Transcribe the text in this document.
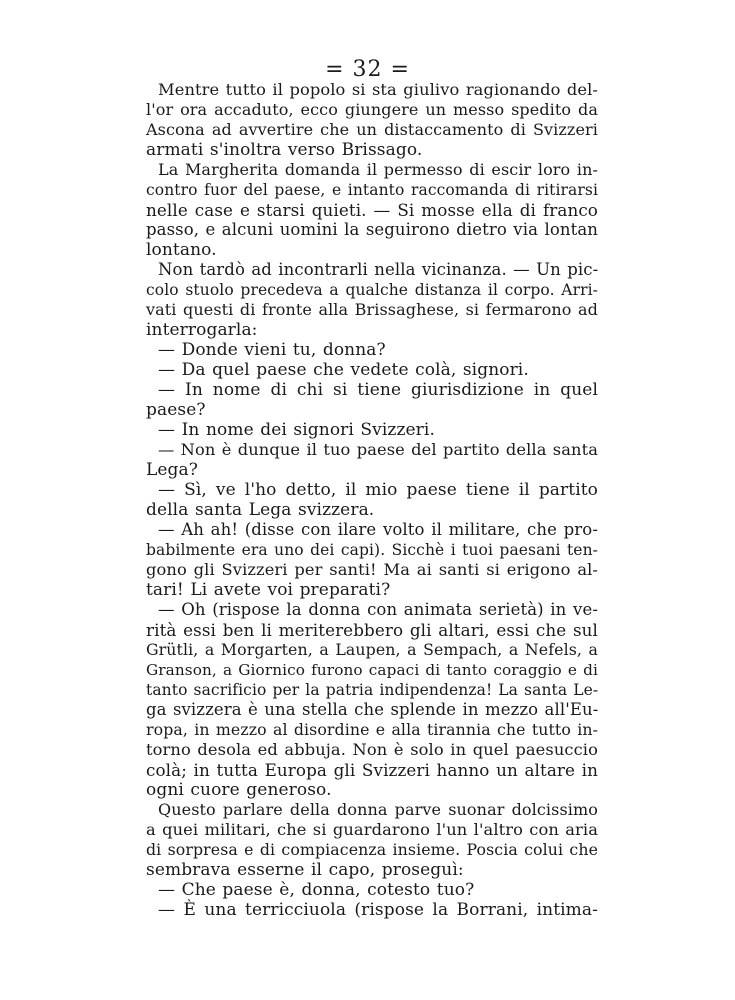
= 32 =
Mentre tutto il popolo si sta giulivo ragionando del-
l'or ora accaduto, ecco giungere un messo spedito da
Ascona ad avvertire che un distaccamento di Svizzeri
armati s'inoltra verso Brissago.
La Margherita domanda il permesso di escir loro in-
contro fuor del paese, e intanto raccomanda di ritirarsi
nelle case e starsi quieti. — Si mosse ella di franco
passo, e alcuni uomini la seguirono dietro via lontan
lontano.
Non tardò ad incontrarli nella vicinanza. — Un pic-
colo stuolo precedeva a qualche distanza il corpo. Arri-
vati questi di fronte alla Brissaghese, si fermarono ad
interrogarla:
— Donde vieni tu, donna?
— Da quel paese che vedete colà, signori.
— In nome di chi si tiene giurisdizione in quel
paese?
— In nome dei signori Svizzeri.
— Non è dunque il tuo paese del partito della santa
Lega?
— Sì, ve l'ho detto, il mio paese tiene il partito
della santa Lega svizzera.
— Ah ah! (disse con ilare volto il militare, che pro-
babilmente era uno dei capi). Sicchè i tuoi paesani ten-
gono gli Svizzeri per santi! Ma ai santi si erigono al-
tari! Li avete voi preparati?
— Oh (rispose la donna con animata serietà) in ve-
rità essi ben li meriterebbero gli altari, essi che sul
Grütli, a Morgarten, a Laupen, a Sempach, a Nefels, a
Granson, a Giornico furono capaci di tanto coraggio e di
tanto sacrificio per la patria indipendenza! La santa Le-
ga svizzera è una stella che splende in mezzo all'Eu-
ropa, in mezzo al disordine e alla tirannia che tutto in-
torno desola ed abbuja. Non è solo in quel paesuccio
colà; in tutta Europa gli Svizzeri hanno un altare in
ogni cuore generoso.
Questo parlare della donna parve suonar dolcissimo
a quei militari, che si guardarono l'un l'altro con aria
di sorpresa e di compiacenza insieme. Poscia colui che
sembrava esserne il capo, proseguì:
— Che paese è, donna, cotesto tuo?
— È una terricciuola (rispose la Borrani, intima-
